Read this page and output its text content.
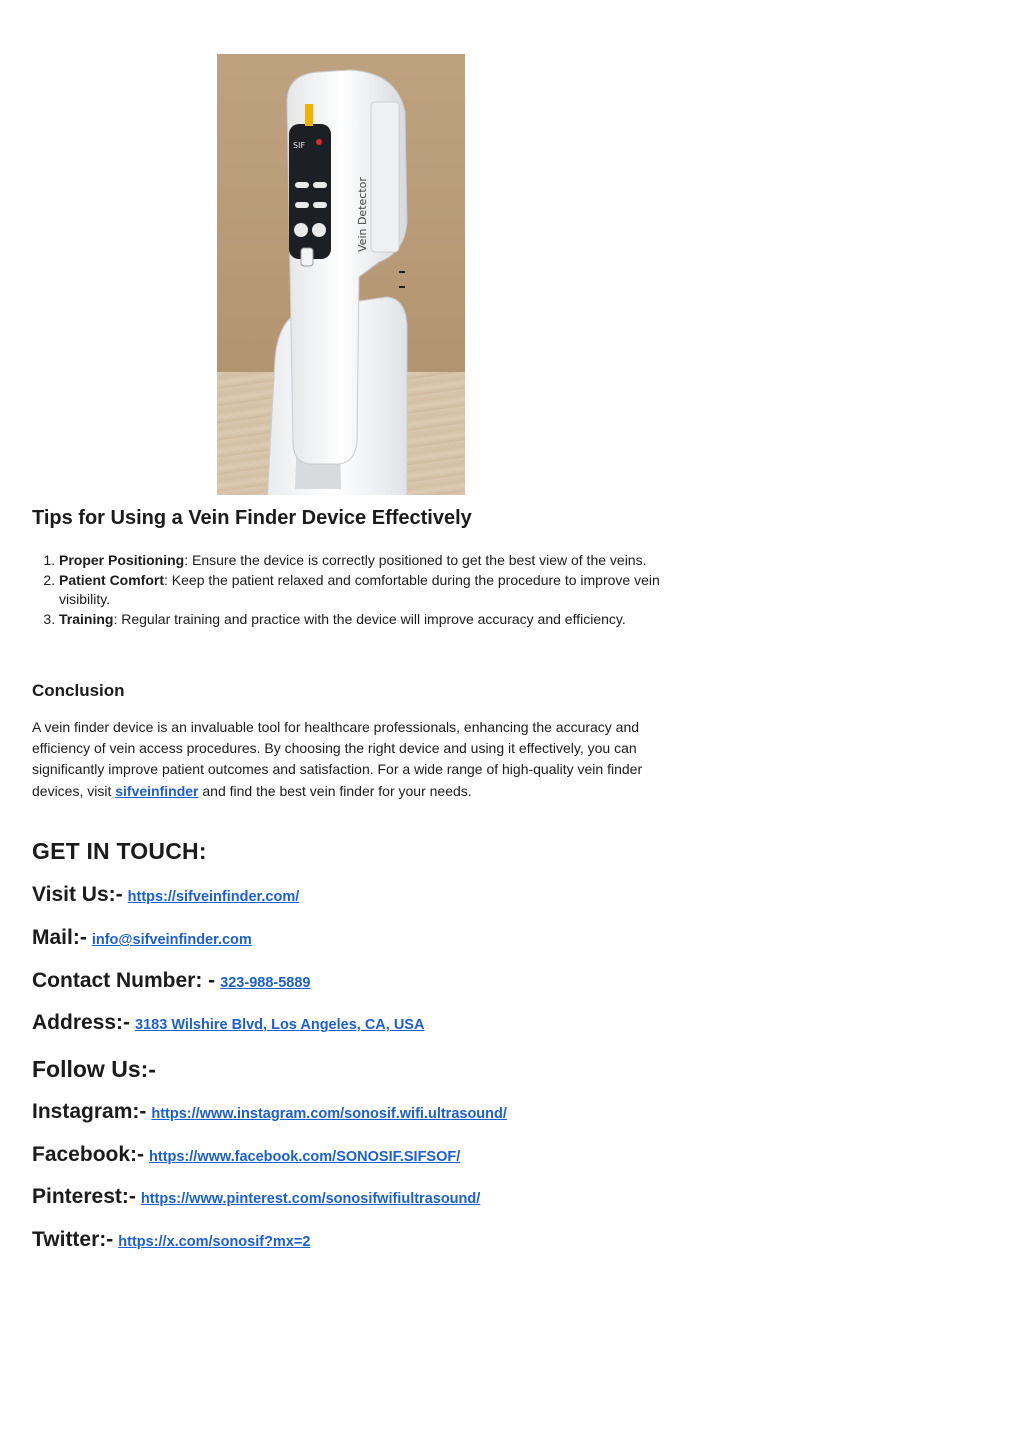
SIF
Vein Detector
Tips for Using a Vein Finder Device Effectively
1. Proper Positioning: Ensure the device is correctly positioned to get the best view of the veins.
2. Patient Comfort: Keep the patient relaxed and comfortable during the procedure to improve vein visibility.
3. Training: Regular training and practice with the device will improve accuracy and efficiency.
Conclusion

A vein finder device is an invaluable tool for healthcare professionals, enhancing the accuracy and efficiency of vein access procedures. By choosing the right device and using it effectively, you can significantly improve patient outcomes and satisfaction. For a wide range of high-quality vein finder devices, visit sifveinfinder and find the best vein finder for your needs.

GET IN TOUCH:

Visit Us:- https://sifveinfinder.com/

Mail:- info@sifveinfinder.com

Contact Number: - 323-988-5889

Address:- 3183 Wilshire Blvd, Los Angeles, CA, USA

Follow Us:-

Instagram:- https://www.instagram.com/sonosif.wifi.ultrasound/

Facebook:- https://www.facebook.com/SONOSIF.SIFSOF/

Pinterest:- https://www.pinterest.com/sonosifwifiultrasound/

Twitter:- https://x.com/sonosif?mx=2
